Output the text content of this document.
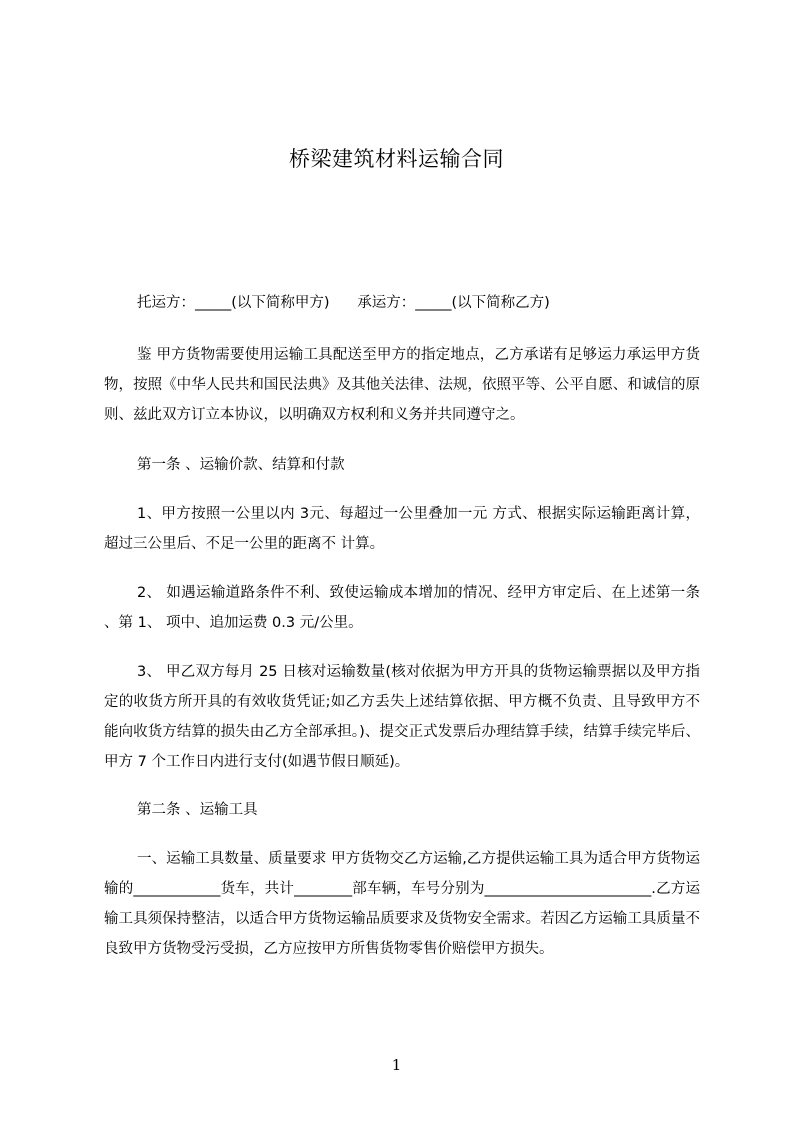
桥梁建筑材料运输合同
托运方：_____(以下简称甲方)      承运方：_____(以下简称乙方)

鉴 甲方货物需要使用运输工具配送至甲方的指定地点，乙方承诺有足够运力承运甲方货物，按照《中华人民共和国民法典》及其他关法律、法规，依照平等、公平自愿、和诚信的原则、兹此双方订立本协议，以明确双方权利和义务并共同遵守之。

第一条 、运输价款、结算和付款

1、甲方按照一公里以内 3元、每超过一公里叠加一元 方式、根据实际运输距离计算，超过三公里后、不足一公里的距离不 计算。

2、 如遇运输道路条件不利、致使运输成本增加的情况、经甲方审定后、在上述第一条 、第 1、 项中、追加运费 0.3 元/公里。

3、 甲乙双方每月 25 日核对运输数量(核对依据为甲方开具的货物运输票据以及甲方指定的收货方所开具的有效收货凭证;如乙方丢失上述结算依据、甲方概不负责、且导致甲方不能向收货方结算的损失由乙方全部承担。)、提交正式发票后办理结算手续，结算手续完毕后、甲方 7 个工作日内进行支付(如遇节假日顺延)。

第二条 、运输工具

一、运输工具数量、质量要求 甲方货物交乙方运输,乙方提供运输工具为适合甲方货物运输的____________货车，共计________部车辆，车号分别为_______________________.乙方运输工具须保持整洁，以适合甲方货物运输品质要求及货物安全需求。若因乙方运输工具质量不良致甲方货物受污受损，乙方应按甲方所售货物零售价赔偿甲方损失。

1
